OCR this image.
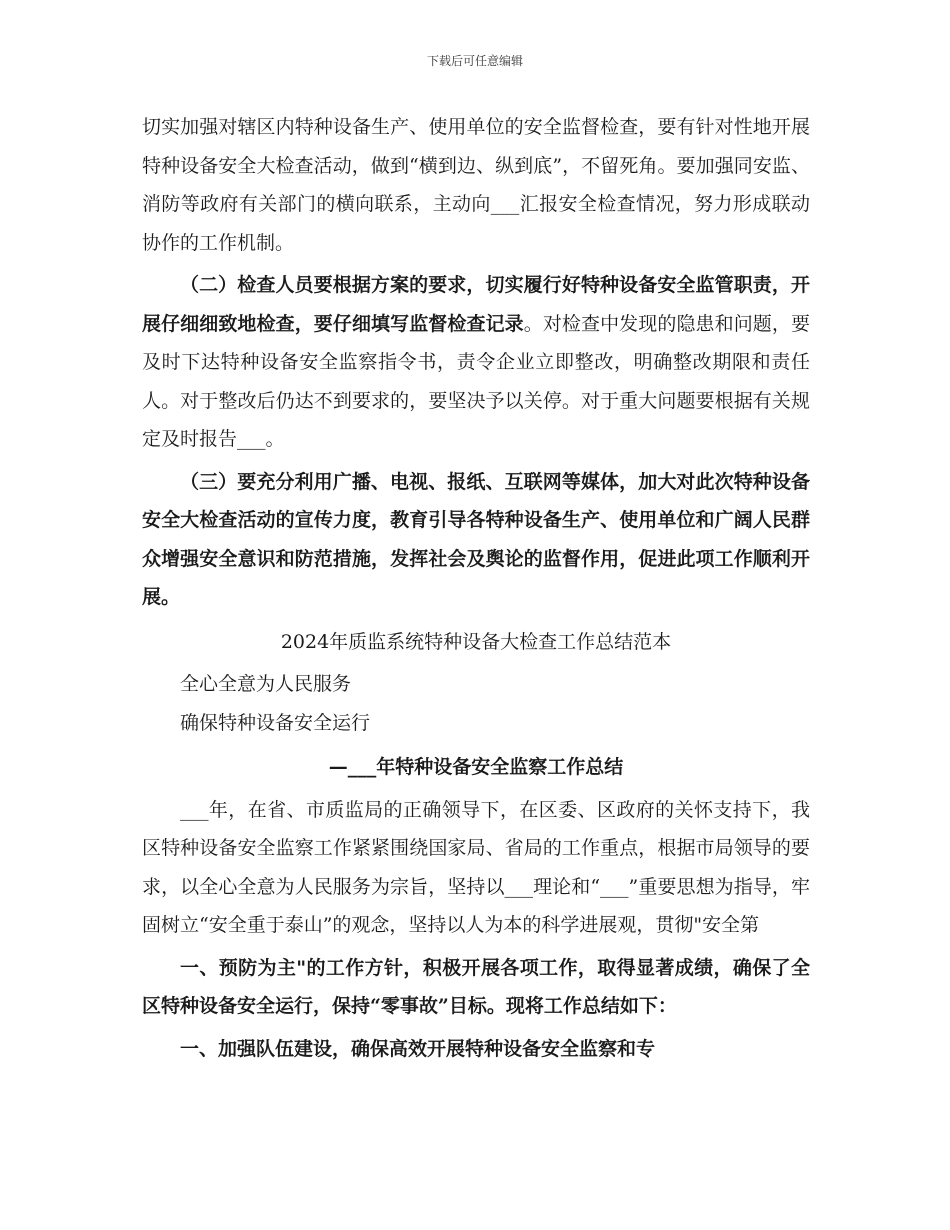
下载后可任意编辑

切实加强对辖区内特种设备生产、使用单位的安全监督检查，要有针对性地开展特种设备安全大检查活动，做到“横到边、纵到底”，不留死角。要加强同安监、消防等政府有关部门的横向联系，主动向___汇报安全检查情况，努力形成联动协作的工作机制。

（二）检查人员要根据方案的要求，切实履行好特种设备安全监管职责，开展仔细细致地检查，要仔细填写监督检查记录。对检查中发现的隐患和问题，要及时下达特种设备安全监察指令书，责令企业立即整改，明确整改期限和责任人。对于整改后仍达不到要求的，要坚决予以关停。对于重大问题要根据有关规定及时报告___。

（三）要充分利用广播、电视、报纸、互联网等媒体，加大对此次特种设备安全大检查活动的宣传力度，教育引导各特种设备生产、使用单位和广阔人民群众增强安全意识和防范措施，发挥社会及舆论的监督作用，促进此项工作顺利开展。

2024年质监系统特种设备大检查工作总结范本

全心全意为人民服务

确保特种设备安全运行

—___年特种设备安全监察工作总结

___年，在省、市质监局的正确领导下，在区委、区政府的关怀支持下，我区特种设备安全监察工作紧紧围绕国家局、省局的工作重点，根据市局领导的要求，以全心全意为人民服务为宗旨，坚持以___理论和“___”重要思想为指导，牢固树立“安全重于泰山”的观念，坚持以人为本的科学进展观，贯彻"安全第

一、预防为主"的工作方针，积极开展各项工作，取得显著成绩，确保了全区特种设备安全运行，保持“零事故”目标。现将工作总结如下：

一、加强队伍建设，确保高效开展特种设备安全监察和专
